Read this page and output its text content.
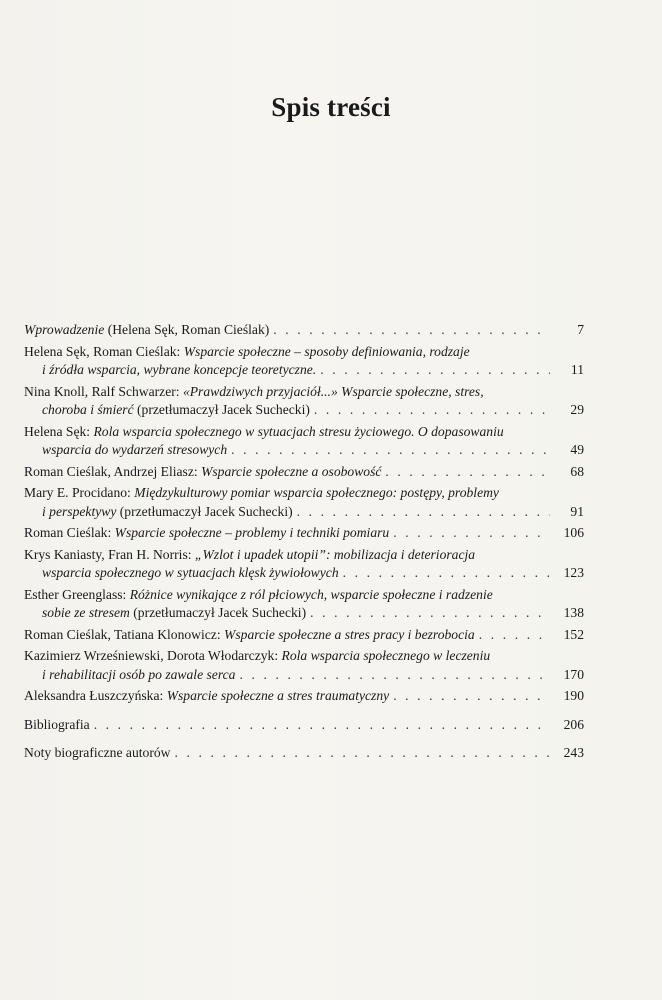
Spis treści
Wprowadzenie (Helena Sęk, Roman Cieślak) . . .	7
Helena Sęk, Roman Cieślak: Wsparcie społeczne – sposoby definiowania, rodzaje
i źródła wsparcia, wybrane koncepcje teoretyczne. . . .	11
Nina Knoll, Ralf Schwarzer: «Prawdziwych przyjaciół...» Wsparcie społeczne, stres,
choroba i śmierć (przetłumaczył Jacek Suchecki) . . .	29
Helena Sęk: Rola wsparcia społecznego w sytuacjach stresu życiowego. O dopasowaniu
wsparcia do wydarzeń stresowych . . .	49
Roman Cieślak, Andrzej Eliasz: Wsparcie społeczne a osobowość . . .	68
Mary E. Procidano: Międzykulturowy pomiar wsparcia społecznego: postępy, problemy
i perspektywy (przetłumaczył Jacek Suchecki) . . .	91
Roman Cieślak: Wsparcie społeczne – problemy i techniki pomiaru . . .	106
Krys Kaniasty, Fran H. Norris: „Wzlot i upadek utopii”: mobilizacja i deterioracja
wsparcia społecznego w sytuacjach klęsk żywiołowych . . .	123
Esther Greenglass: Różnice wynikające z ról płciowych, wsparcie społeczne i radzenie
sobie ze stresem (przetłumaczył Jacek Suchecki) . . .	138
Roman Cieślak, Tatiana Klonowicz: Wsparcie społeczne a stres pracy i bezrobocia . . .	152
Kazimierz Wrześniewski, Dorota Włodarczyk: Rola wsparcia społecznego w leczeniu
i rehabilitacji osób po zawale serca . . .	170
Aleksandra Łuszczyńska: Wsparcie społeczne a stres traumatyczny . . .	190
Bibliografia . . .	206
Noty biograficzne autorów . . .	243
